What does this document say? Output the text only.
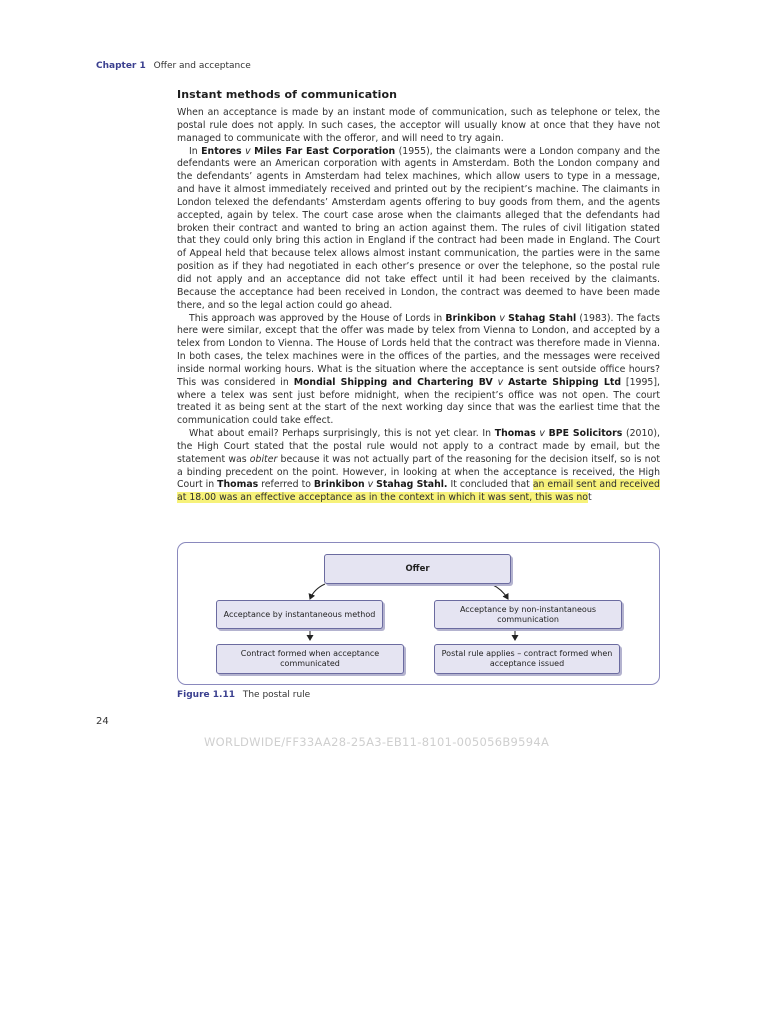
Chapter 1 Offer and acceptance
Instant methods of communication

When an acceptance is made by an instant mode of communication, such as telephone or telex, the postal rule does not apply. In such cases, the acceptor will usually know at once that they have not managed to communicate with the offeror, and will need to try again.

In Entores v Miles Far East Corporation (1955), the claimants were a London company and the defendants were an American corporation with agents in Amsterdam. Both the London company and the defendants’ agents in Amsterdam had telex machines, which allow users to type in a message, and have it almost immediately received and printed out by the recipient’s machine. The claimants in London telexed the defendants’ Amsterdam agents offering to buy goods from them, and the agents accepted, again by telex. The court case arose when the claimants alleged that the defendants had broken their contract and wanted to bring an action against them. The rules of civil litigation stated that they could only bring this action in England if the contract had been made in England. The Court of Appeal held that because telex allows almost instant communication, the parties were in the same position as if they had negotiated in each other’s presence or over the telephone, so the postal rule did not apply and an acceptance did not take effect until it had been received by the claimants. Because the acceptance had been received in London, the contract was deemed to have been made there, and so the legal action could go ahead.

This approach was approved by the House of Lords in Brinkibon v Stahag Stahl (1983). The facts here were similar, except that the offer was made by telex from Vienna to London, and accepted by a telex from London to Vienna. The House of Lords held that the contract was therefore made in Vienna. In both cases, the telex machines were in the offices of the parties, and the messages were received inside normal working hours. What is the situation where the acceptance is sent outside office hours? This was considered in Mondial Shipping and Chartering BV v Astarte Shipping Ltd [1995], where a telex was sent just before midnight, when the recipient’s office was not open. The court treated it as being sent at the start of the next working day since that was the earliest time that the communication could take effect.

What about email? Perhaps surprisingly, this is not yet clear. In Thomas v BPE Solicitors (2010), the High Court stated that the postal rule would not apply to a contract made by email, but the statement was obiter because it was not actually part of the reasoning for the decision itself, so is not a binding precedent on the point. However, in looking at when the acceptance is received, the High Court in Thomas referred to Brinkibon v Stahag Stahl. It concluded that an email sent and received at 18.00 was an effective acceptance as in the context in which it was sent, this was not

Offer
Acceptance by instantaneous method
Acceptance by non-instantaneous communication
Contract formed when acceptance communicated
Postal rule applies – contract formed when acceptance issued
Figure 1.11 The postal rule
24
WORLDWIDE/FF33AA28-25A3-EB11-8101-005056B9594A
